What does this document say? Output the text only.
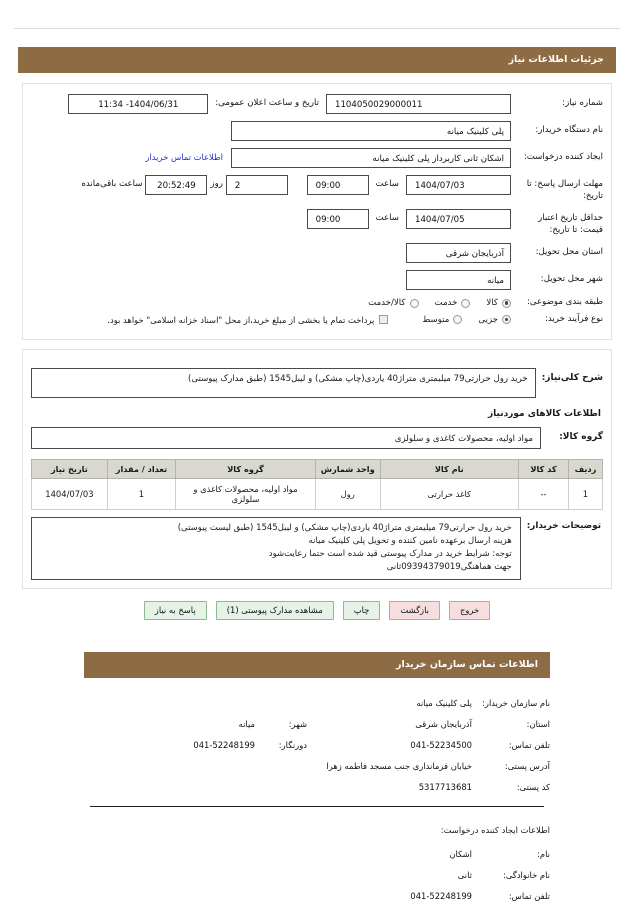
جزئیات اطلاعات نیاز
شماره نیاز:
1104050029000011
تاریخ و ساعت اعلان عمومی:
1404/06/31- 11:34
نام دستگاه خریدار:
پلی کلینیک میانه
ایجاد کننده درخواست:
اشکان ثانی کاربرداز پلی کلینیک میانه
اطلاعات تماس خریدار
مهلت ارسال پاسخ: تا تاریخ:
1404/07/03
ساعت
09:00

2
روز
20:52:49
ساعت باقی‌مانده
حداقل تاریخ اعتبار قیمت: تا تاریخ:
1404/07/05
ساعت
09:00
استان محل تحویل:
آذربایجان شرقی
شهر محل تحویل:
میانه
طبقه بندی موضوعی:
کالا
خدمت
کالا/خدمت
نوع فرآیند خرید:
جزیی
متوسط
پرداخت تمام یا بخشی از مبلغ خرید،از محل "اسناد خزانه اسلامی" خواهد بود.
شرح کلی‌نیاز:
خرید رول حرارتی79 میلیمتری متراژ40 یاردی(چاپ مشکی) و لیبل1545 (طبق مدارک پیوستی)
اطلاعات کالاهای موردنیاز
گروه کالا:
مواد اولیه، محصولات کاغذی و سلولزی
ردیف	کد کالا	نام کالا	واحد شمارش	گروه کالا	تعداد / مقدار	تاریخ نیاز
1	--	کاغذ حرارتی	رول	مواد اولیه، محصولات کاغذی و سلولزی	1	1404/07/03
توضیحات خریدار:
خرید رول حرارتی79 میلیمتری متراژ40 یاردی(چاپ مشکی) و لیبل1545 (طبق لیست پیوستی)
هزینه ارسال برعهده نامین کننده و تحویل پلی کلینیک میانه
توجه: شرایط خرید در مدارک پیوستی قید شده است حتما رعایت‌شود
جهت هماهنگی09394379019ثانی
خروج
بازگشت
چاپ
مشاهده مدارک پیوستی (1)
پاسخ به نیاز
اطلاعات تماس سازمان خریدار
نام سازمان خریدار:
پلی کلینیک میانه
استان:
آذربایجان شرقی
شهر:
میانه
تلفن تماس:
041-52234500
دورنگار:
041-52248199
آدرس پستی:
خیابان فرمانداری جنب مسجد فاطمه زهرا
کد پستی:
5317713681
اطلاعات ایجاد کننده درخواست:
نام:
اشکان
نام خانوادگی:
ثانی
تلفن تماس:
041-52248199
